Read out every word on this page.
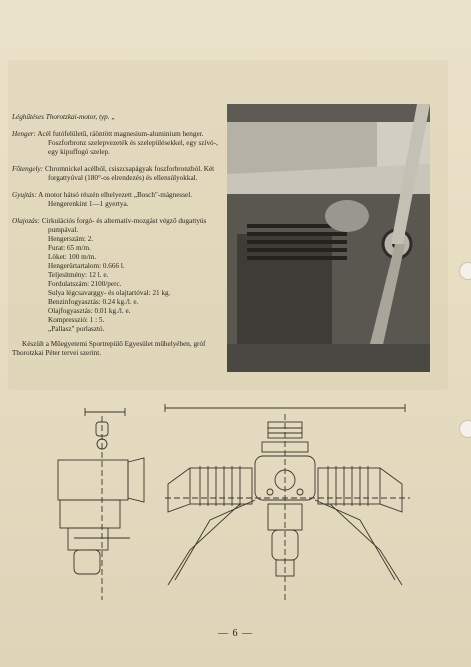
Léghűtéses Thorotzkai-motor, typ. „
Henger: Acél futófelületű, ráöntött magnesium-aluminium henger. Foszforbronz szelepvezeték és szelepülésekkel, egy szívó-, egy kipuffogó szelep.
Főtengely: Chromnickel acélból, csiszcsapágyak foszforbronzból. Két forgattyúval (180°-os elrendezés) és ellensúlyokkal.
Gyujtás: A motor hátsó részén elhelyezett „Bosch"-mágnessel. Hengerenkint 1—1 gyertya.
Olajozás: Cirkulációs forgó- és alternatív-mozgást végző dugattyús pumpával.
Hengerszám: 2.
Furat: 65 m/m.
Löket: 100 m/m.
Hengerürtartalom: 0.666 l.
Teljesítmény: 12 l. e.
Fordulatszám: 2100/perc.
Sulya légcsavarggy- és olajtartóval: 21 kg.
Benzinfogyasztás: 0.24 kg./l. e.
Olajfogyasztás: 0.01 kg./l. e.
Kompresszió: 1 : 5.
„Pallasz" porlasztó.
Készült a Műegyetemi Sportrepülő Egyesület műhelyében, gróf Thorotzkai Péter tervei szerint.
— 6 —
